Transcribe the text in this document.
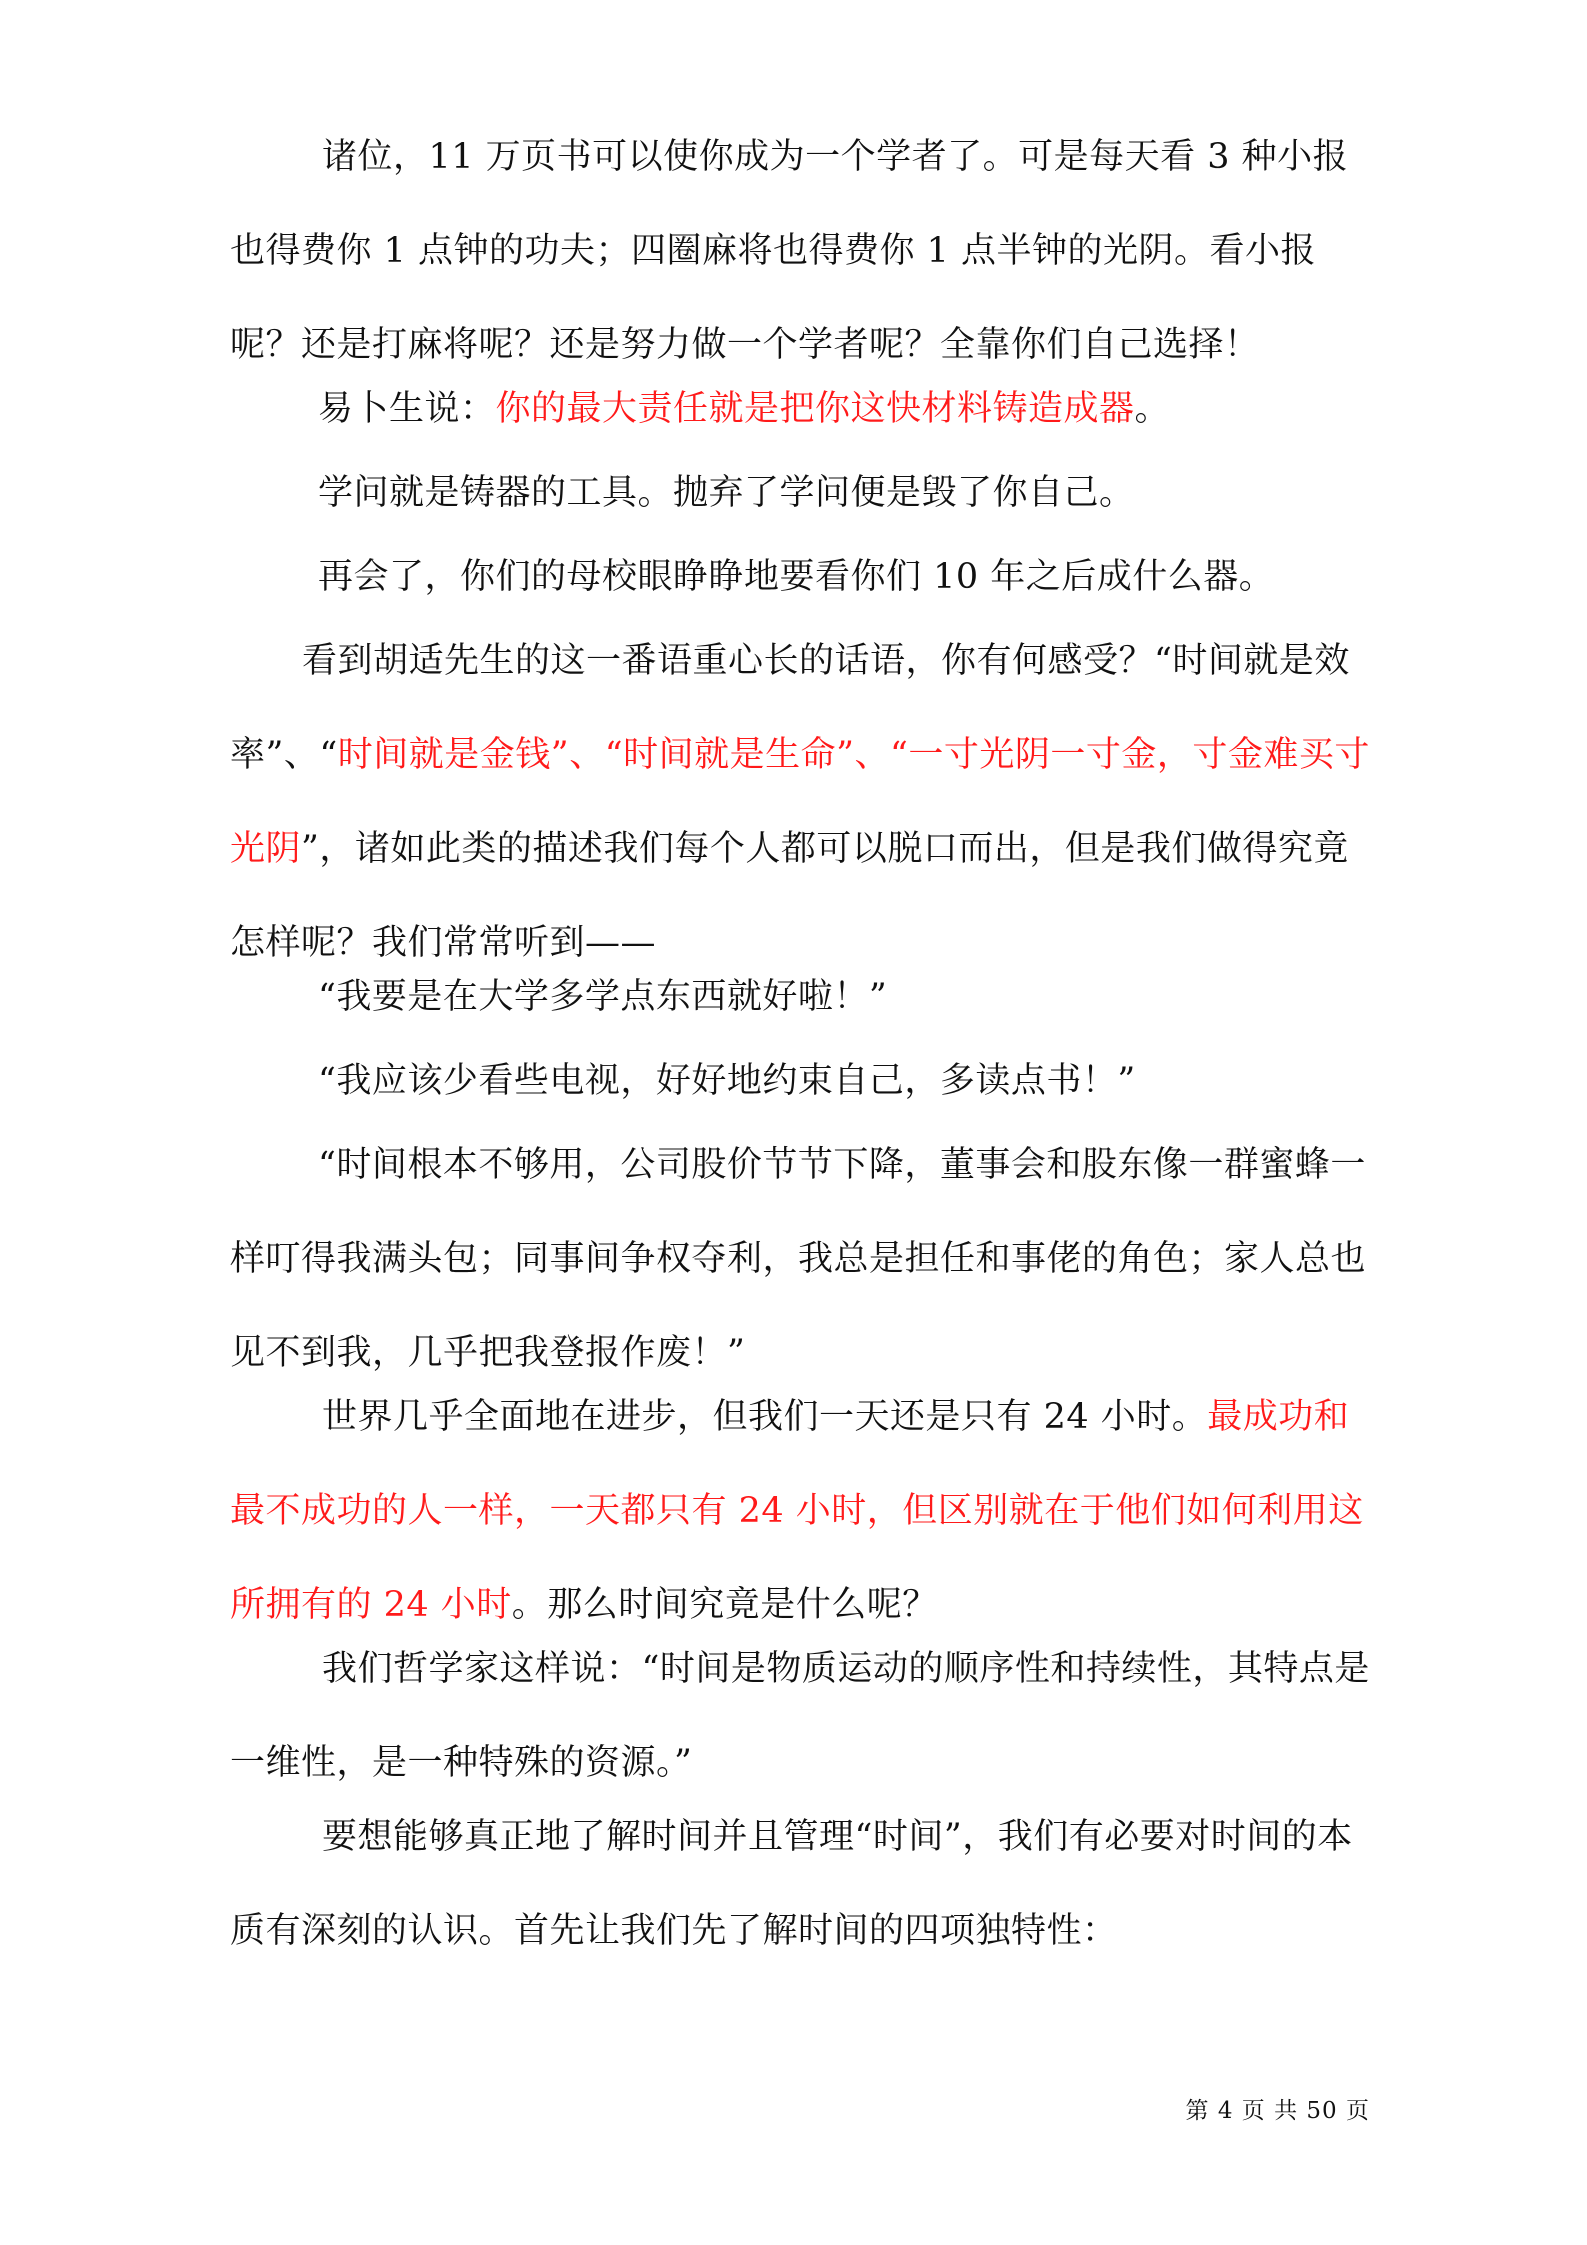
诸位，11 万页书可以使你成为一个学者了。可是每天看 3 种小报也得费你 1 点钟的功夫；四圈麻将也得费你 1 点半钟的光阴。看小报呢？还是打麻将呢？还是努力做一个学者呢？全靠你们自己选择！

易卜生说：你的最大责任就是把你这快材料铸造成器。

学问就是铸器的工具。抛弃了学问便是毁了你自己。

再会了，你们的母校眼睁睁地要看你们 10 年之后成什么器。

看到胡适先生的这一番语重心长的话语，你有何感受？“时间就是效率”、“时间就是金钱”、“时间就是生命”、“一寸光阴一寸金，寸金难买寸光阴”，诸如此类的描述我们每个人都可以脱口而出，但是我们做得究竟怎样呢？我们常常听到——

“我要是在大学多学点东西就好啦！”

“我应该少看些电视，好好地约束自己，多读点书！”

“时间根本不够用，公司股价节节下降，董事会和股东像一群蜜蜂一样叮得我满头包；同事间争权夺利，我总是担任和事佬的角色；家人总也见不到我，几乎把我登报作废！”

世界几乎全面地在进步，但我们一天还是只有 24 小时。最成功和最不成功的人一样，一天都只有 24 小时，但区别就在于他们如何利用这所拥有的 24 小时。那么时间究竟是什么呢？

我们哲学家这样说：“时间是物质运动的顺序性和持续性，其特点是一维性，是一种特殊的资源。”

要想能够真正地了解时间并且管理“时间”，我们有必要对时间的本质有深刻的认识。首先让我们先了解时间的四项独特性：

第 4 页 共 50 页
